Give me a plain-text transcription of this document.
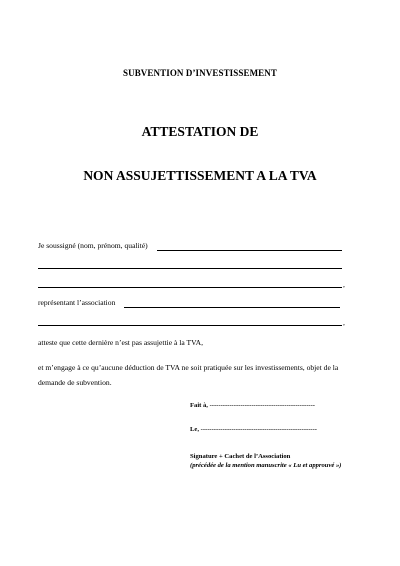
SUBVENTION D’INVESTISSEMENT
ATTESTATION DE
NON ASSUJETTISSEMENT A LA TVA
Je soussigné (nom, prénom, qualité)
,
représentant l’association
,
atteste que cette dernière n’est pas assujettie à la TVA,
et m’engage à ce qu’aucune déduction de TVA ne soit pratiquée sur les investissements, objet de la
demande de subvention.
Fait à, ------------------------------------------------
Le, -----------------------------------------------------
Signature + Cachet de l’Association
(précédée de la mention manuscrite « Lu et approuvé »)
